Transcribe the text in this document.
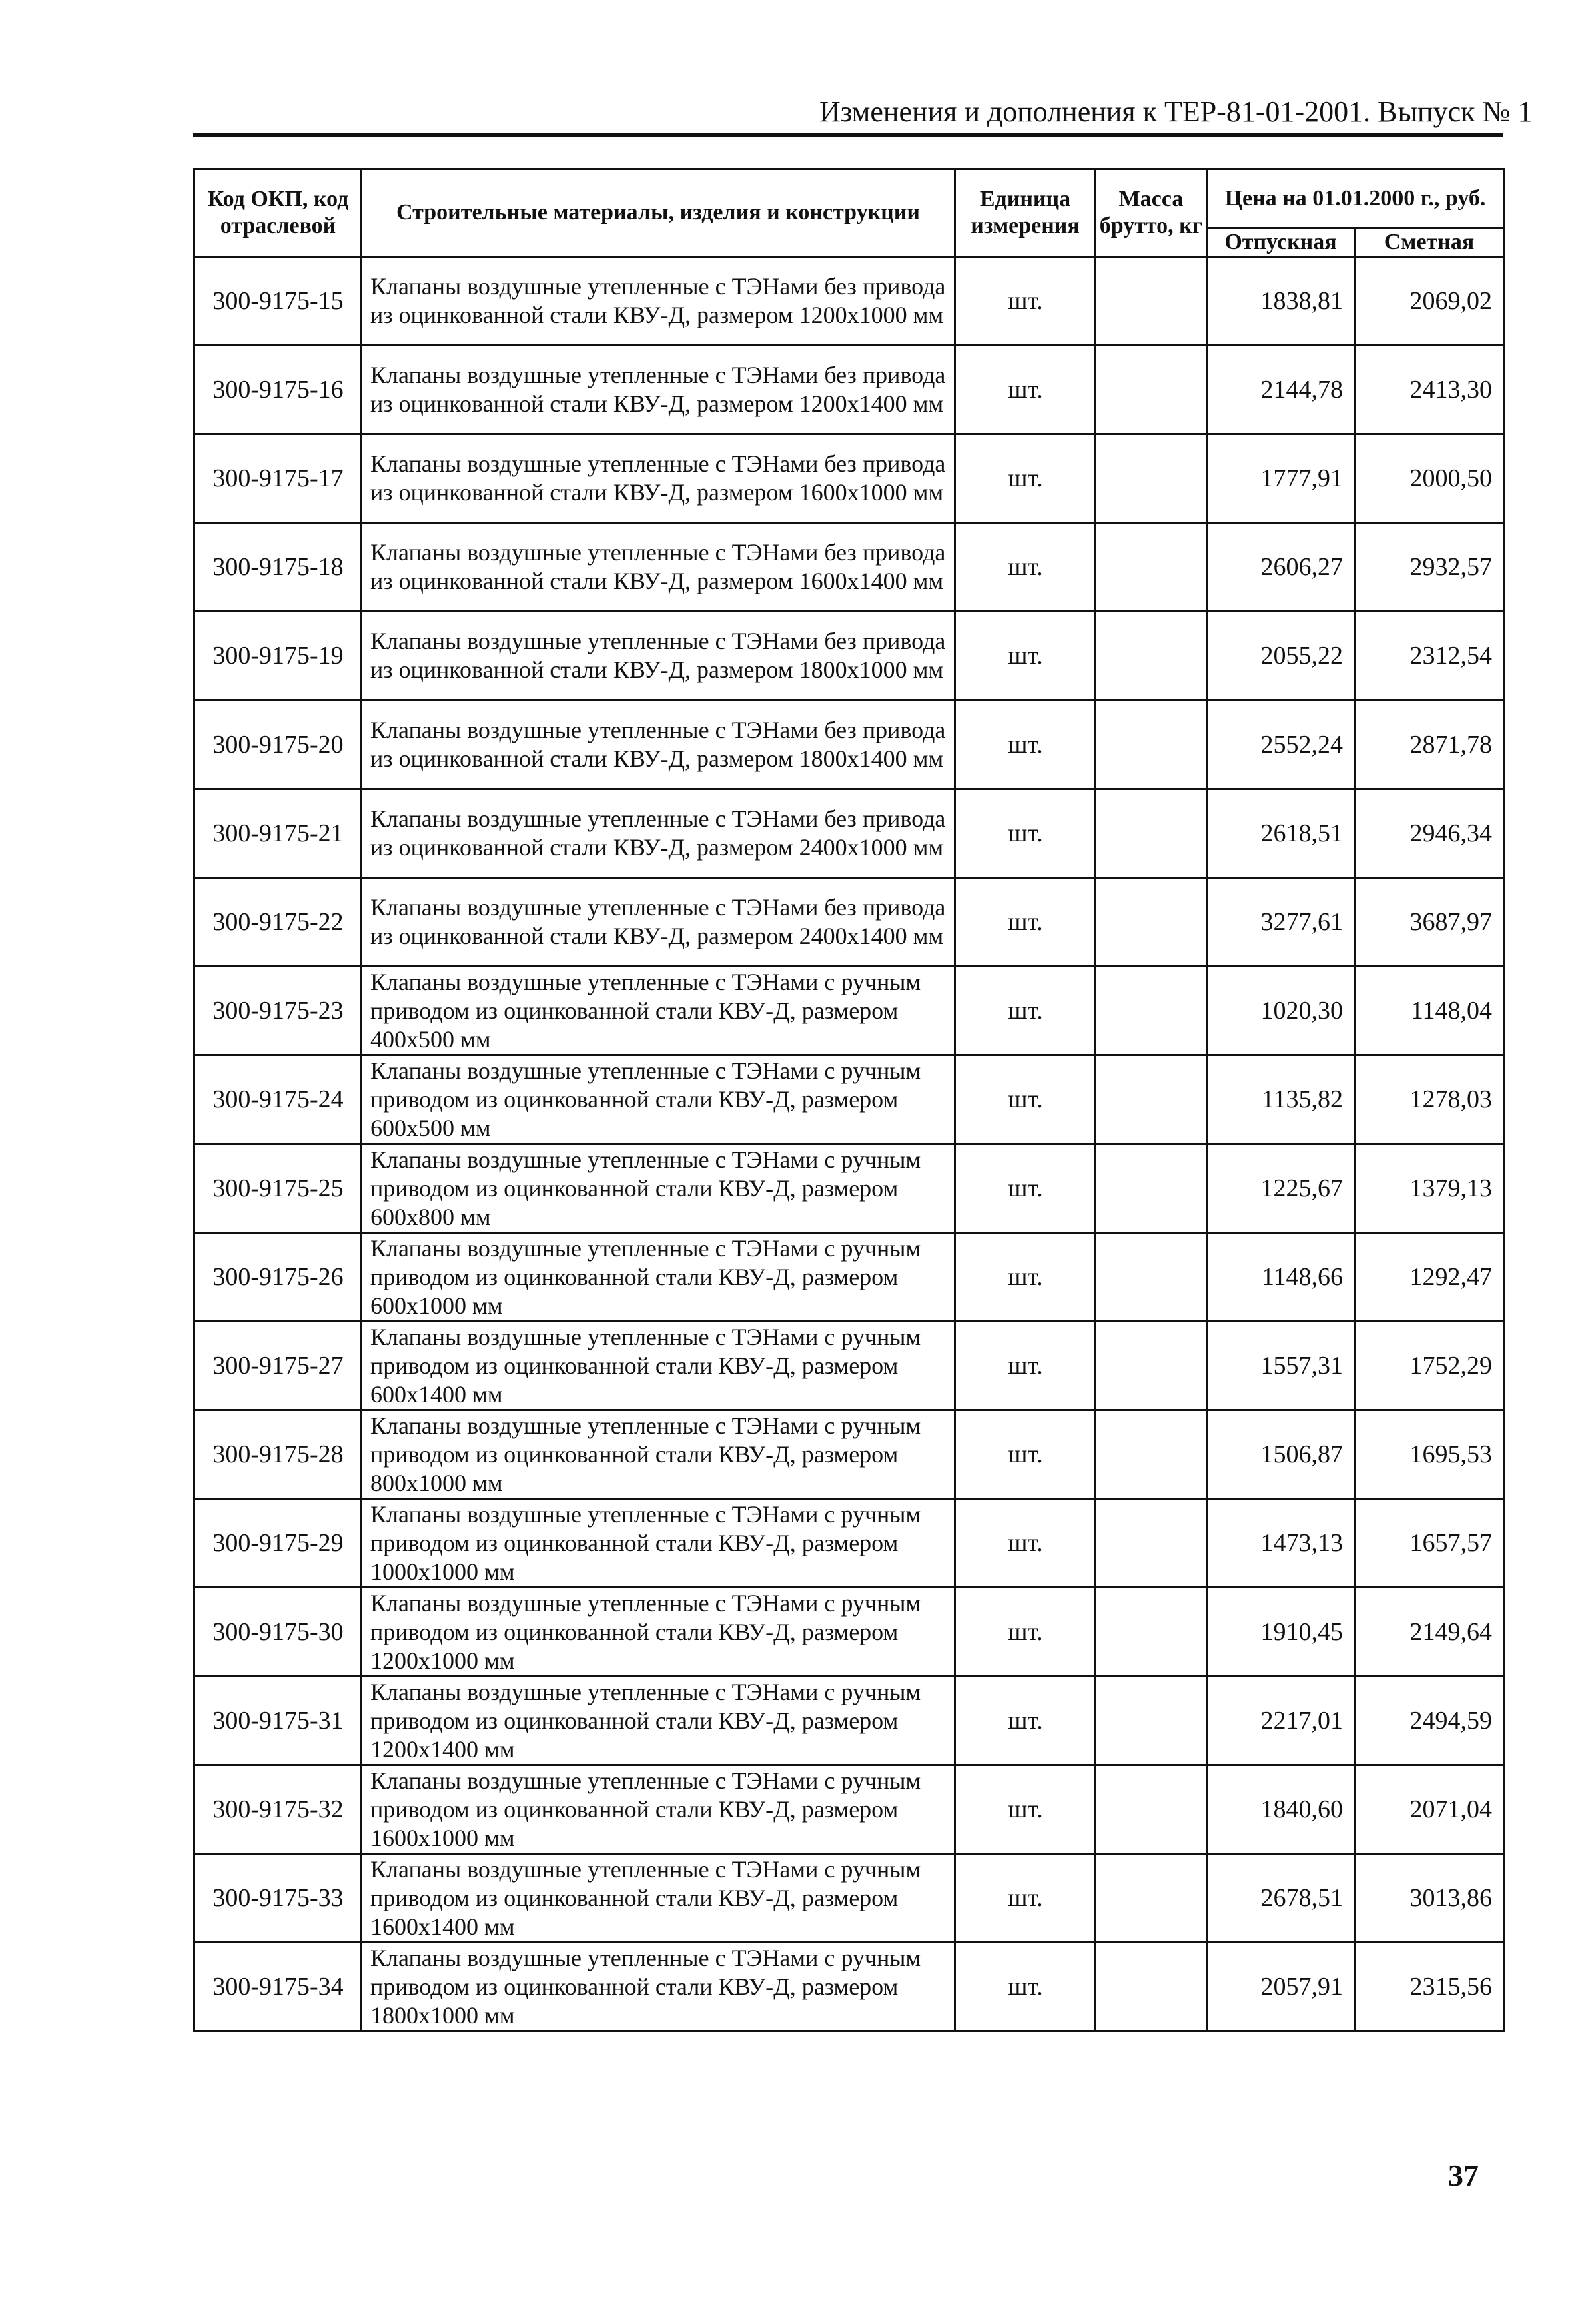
Изменения и дополнения к ТЕР-81-01-2001. Выпуск № 1
Код ОКП, код отраслевой	Строительные материалы, изделия и конструкции	Единица измерения	Масса брутто, кг	Цена на 01.01.2000 г., руб.	
				Отпускная	Сметная
300-9175-15	Клапаны воздушные утепленные с ТЭНами без привода из оцинкованной стали КВУ-Д, размером 1200х1000 мм	шт.		1838,81	2069,02
300-9175-16	Клапаны воздушные утепленные с ТЭНами без привода из оцинкованной стали КВУ-Д, размером 1200х1400 мм	шт.		2144,78	2413,30
300-9175-17	Клапаны воздушные утепленные с ТЭНами без привода из оцинкованной стали КВУ-Д, размером 1600х1000 мм	шт.		1777,91	2000,50
300-9175-18	Клапаны воздушные утепленные с ТЭНами без привода из оцинкованной стали КВУ-Д, размером 1600х1400 мм	шт.		2606,27	2932,57
300-9175-19	Клапаны воздушные утепленные с ТЭНами без привода из оцинкованной стали КВУ-Д, размером 1800х1000 мм	шт.		2055,22	2312,54
300-9175-20	Клапаны воздушные утепленные с ТЭНами без привода из оцинкованной стали КВУ-Д, размером 1800х1400 мм	шт.		2552,24	2871,78
300-9175-21	Клапаны воздушные утепленные с ТЭНами без привода из оцинкованной стали КВУ-Д, размером 2400х1000 мм	шт.		2618,51	2946,34
300-9175-22	Клапаны воздушные утепленные с ТЭНами без привода из оцинкованной стали КВУ-Д, размером 2400х1400 мм	шт.		3277,61	3687,97
300-9175-23	Клапаны воздушные утепленные с ТЭНами с ручным приводом из оцинкованной стали КВУ-Д, размером 400х500 мм	шт.		1020,30	1148,04
300-9175-24	Клапаны воздушные утепленные с ТЭНами с ручным приводом из оцинкованной стали КВУ-Д, размером 600х500 мм	шт.		1135,82	1278,03
300-9175-25	Клапаны воздушные утепленные с ТЭНами с ручным приводом из оцинкованной стали КВУ-Д, размером 600х800 мм	шт.		1225,67	1379,13
300-9175-26	Клапаны воздушные утепленные с ТЭНами с ручным приводом из оцинкованной стали КВУ-Д, размером 600х1000 мм	шт.		1148,66	1292,47
300-9175-27	Клапаны воздушные утепленные с ТЭНами с ручным приводом из оцинкованной стали КВУ-Д, размером 600х1400 мм	шт.		1557,31	1752,29
300-9175-28	Клапаны воздушные утепленные с ТЭНами с ручным приводом из оцинкованной стали КВУ-Д, размером 800х1000 мм	шт.		1506,87	1695,53
300-9175-29	Клапаны воздушные утепленные с ТЭНами с ручным приводом из оцинкованной стали КВУ-Д, размером 1000х1000 мм	шт.		1473,13	1657,57
300-9175-30	Клапаны воздушные утепленные с ТЭНами с ручным приводом из оцинкованной стали КВУ-Д, размером 1200х1000 мм	шт.		1910,45	2149,64
300-9175-31	Клапаны воздушные утепленные с ТЭНами с ручным приводом из оцинкованной стали КВУ-Д, размером 1200х1400 мм	шт.		2217,01	2494,59
300-9175-32	Клапаны воздушные утепленные с ТЭНами с ручным приводом из оцинкованной стали КВУ-Д, размером 1600х1000 мм	шт.		1840,60	2071,04
300-9175-33	Клапаны воздушные утепленные с ТЭНами с ручным приводом из оцинкованной стали КВУ-Д, размером 1600х1400 мм	шт.		2678,51	3013,86
300-9175-34	Клапаны воздушные утепленные с ТЭНами с ручным приводом из оцинкованной стали КВУ-Д, размером 1800х1000 мм	шт.		2057,91	2315,56
37
